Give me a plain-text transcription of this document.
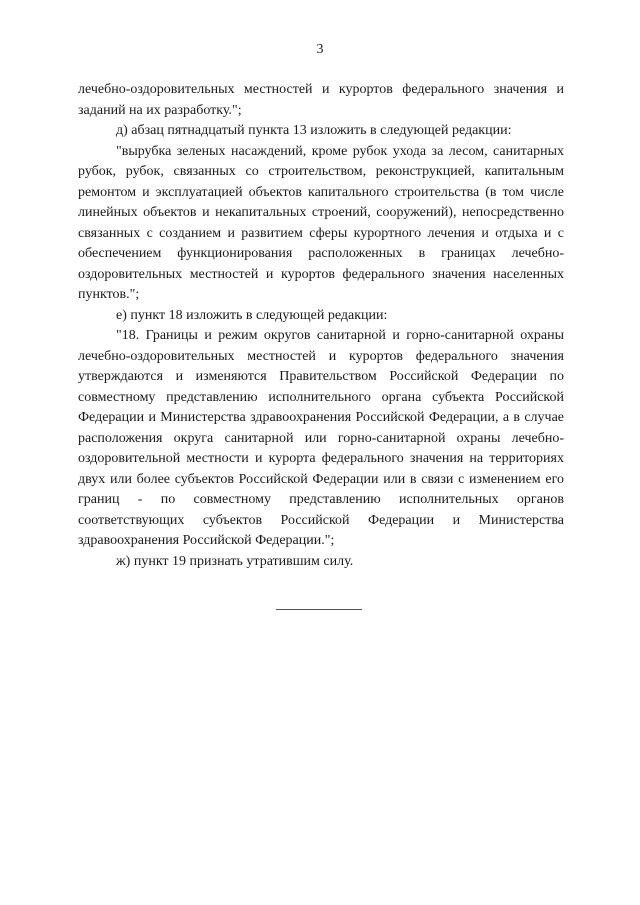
3

лечебно-оздоровительных местностей и курортов федерального значения и заданий на их разработку.";

д) абзац пятнадцатый пункта 13 изложить в следующей редакции:

"вырубка зеленых насаждений, кроме рубок ухода за лесом, санитарных рубок, рубок, связанных со строительством, реконструкцией, капитальным ремонтом и эксплуатацией объектов капитального строительства (в том числе линейных объектов и некапитальных строений, сооружений), непосредственно связанных с созданием и развитием сферы курортного лечения и отдыха и с обеспечением функционирования расположенных в границах лечебно-оздоровительных местностей и курортов федерального значения населенных пунктов.";

е) пункт 18 изложить в следующей редакции:

"18. Границы и режим округов санитарной и горно-санитарной охраны лечебно-оздоровительных местностей и курортов федерального значения утверждаются и изменяются Правительством Российской Федерации по совместному представлению исполнительного органа субъекта Российской Федерации и Министерства здравоохранения Российской Федерации, а в случае расположения округа санитарной или горно-санитарной охраны лечебно-оздоровительной местности и курорта федерального значения на территориях двух или более субъектов Российской Федерации или в связи с изменением его границ - по совместному представлению исполнительных органов соответствующих субъектов Российской Федерации и Министерства здравоохранения Российской Федерации.";

ж) пункт 19 признать утратившим силу.
